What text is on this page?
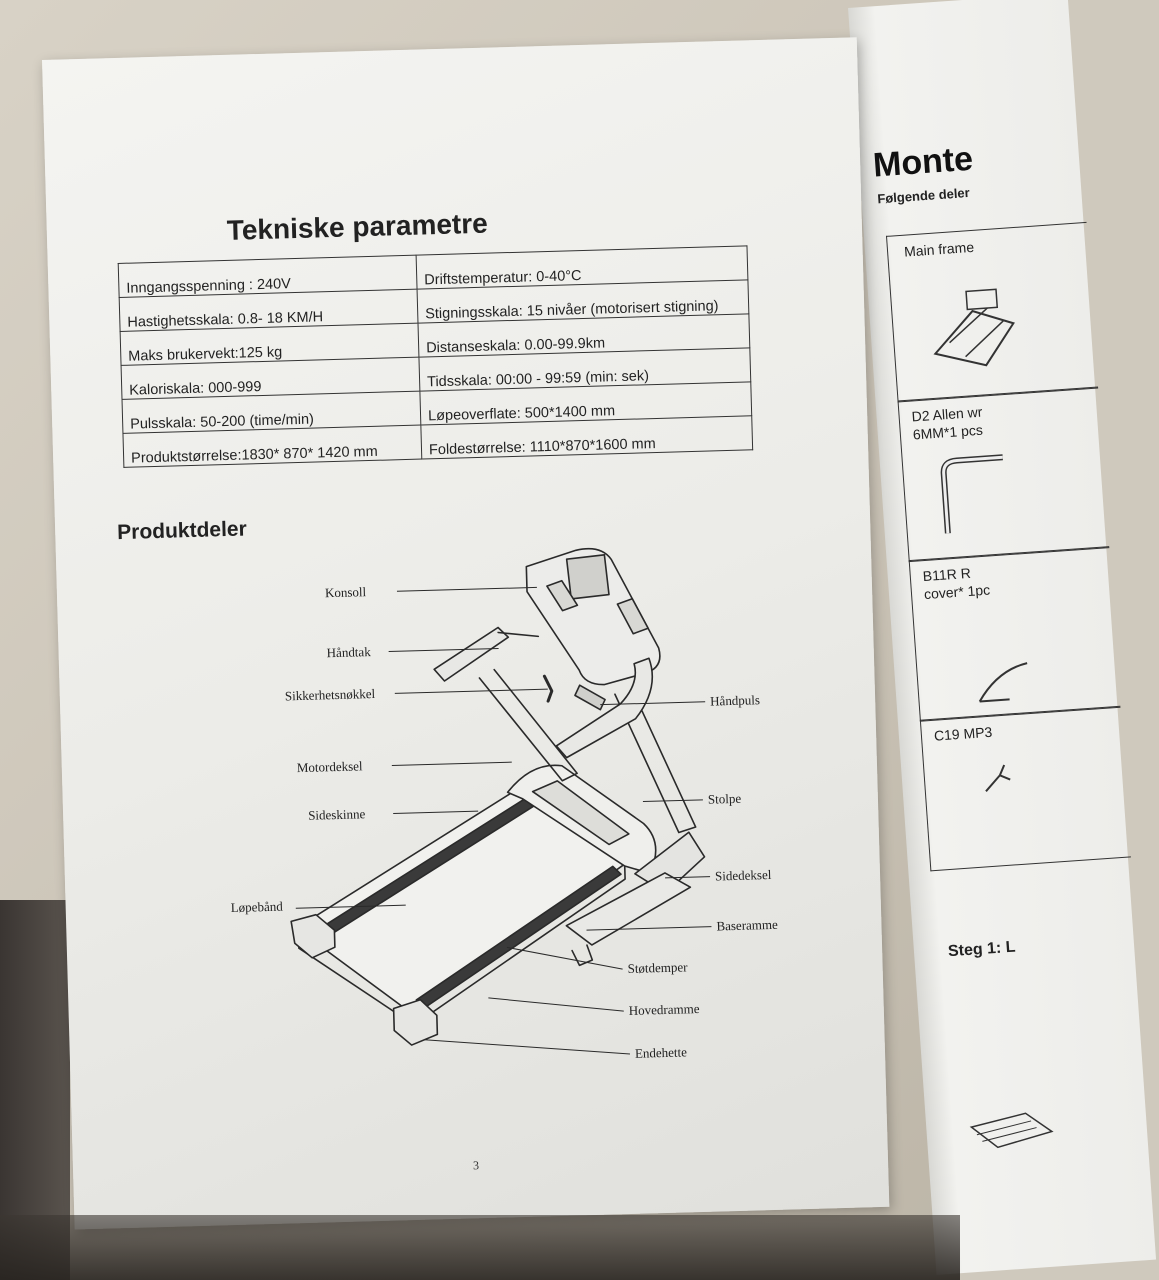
Monte
Følgende deler
Main frame
D2 Allen wr
6MM*1 pcs
B11R R
cover* 1pc
C19 MP3
Steg 1: L
Tekniske parametre
Inngangsspenning : 240V	Driftstemperatur: 0-40°C
Hastighetsskala: 0.8- 18 KM/H	Stigningsskala: 15 nivåer (motorisert stigning)
Maks brukervekt:125 kg	Distanseskala: 0.00-99.9km
Kaloriskala: 000-999	Tidsskala: 00:00 - 99:59 (min: sek)
Pulsskala: 50-200 (time/min)	Løpeoverflate: 500*1400 mm
Produktstørrelse:1830* 870* 1420 mm	Foldestørrelse: 1110*870*1600 mm
Produktdeler
Konsoll
Håndtak
Sikkerhetsnøkkel	Håndpuls
Motordeksel
Stolpe
Sideskinne
Sidedeksel
Løpebånd
Baseramme
Støtdemper
Hovedramme
Endehette
3
